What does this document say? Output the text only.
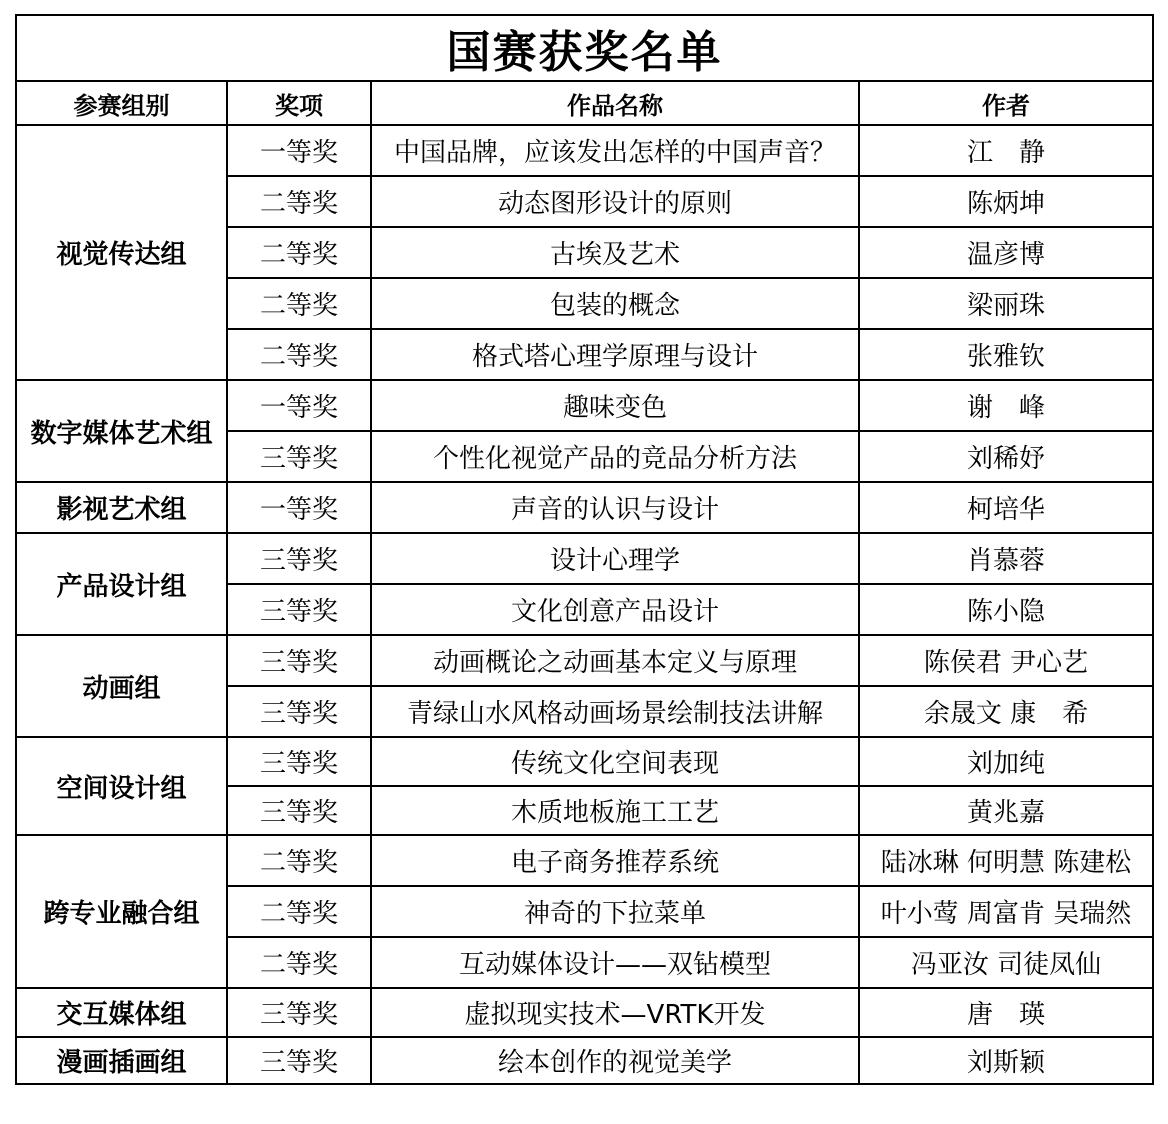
国赛获奖名单			
参赛组别	奖项	作品名称	作者
视觉传达组	一等奖	中国品牌，应该发出怎样的中国声音？	江　静
	二等奖	动态图形设计的原则	陈炳坤
	二等奖	古埃及艺术	温彦博
	二等奖	包装的概念	梁丽珠
	二等奖	格式塔心理学原理与设计	张雅钦
数字媒体艺术组	一等奖	趣味变色	谢　峰
	三等奖	个性化视觉产品的竞品分析方法	刘稀妤
影视艺术组	一等奖	声音的认识与设计	柯培华
产品设计组	三等奖	设计心理学	肖慕蓉
	三等奖	文化创意产品设计	陈小隐
动画组	三等奖	动画概论之动画基本定义与原理	陈侯君 尹心艺
	三等奖	青绿山水风格动画场景绘制技法讲解	余晟文 康　希
空间设计组	三等奖	传统文化空间表现	刘加纯
	三等奖	木质地板施工工艺	黄兆嘉
跨专业融合组	二等奖	电子商务推荐系统	陆冰琳 何明慧 陈建松
	二等奖	神奇的下拉菜单	叶小莺 周富肯 吴瑞然
	二等奖	互动媒体设计——双钻模型	冯亚汝 司徒凤仙
交互媒体组	三等奖	虚拟现实技术—VRTK开发	唐　瑛
漫画插画组	三等奖	绘本创作的视觉美学	刘斯颖
